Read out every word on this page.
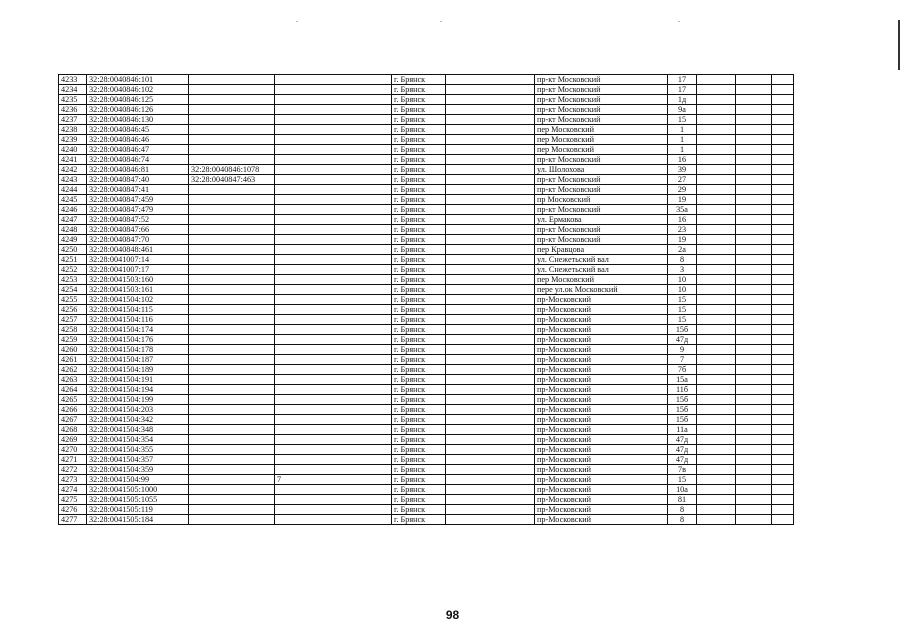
4233	32:28:0040846:101			г. Брянск		пр-кт Московский	17			
4234	32:28:0040846:102			г. Брянск		пр-кт Московский	17			
4235	32:28:0040846:125			г. Брянск		пр-кт Московский	1д			
4236	32:28:0040846:126			г. Брянск		пр-кт Московский	9а			
4237	32:28:0040846:130			г. Брянск		пр-кт Московский	15			
4238	32:28:0040846:45			г. Брянск		пер Московский	1			
4239	32:28:0040846:46			г. Брянск		пер Московский	1			
4240	32:28:0040846:47			г. Брянск		пер Московский	1			
4241	32:28:0040846:74			г. Брянск		пр-кт Московский	16			
4242	32:28:0040846:81	32:28:0040846:1078		г. Брянск		ул. Шолохова	39			
4243	32:28:0040847:40	32:28:0040847:463		г. Брянск		пр-кт Московский	27			
4244	32:28:0040847:41			г. Брянск		пр-кт Московский	29			
4245	32:28:0040847:459			г. Брянск		пр Московский	19			
4246	32:28:0040847:479			г. Брянск		пр-кт Московский	35а			
4247	32:28:0040847:52			г. Брянск		ул. Ермакова	16			
4248	32:28:0040847:66			г. Брянск		пр-кт Московский	23			
4249	32:28:0040847:70			г. Брянск		пр-кт Московский	19			
4250	32:28:0040848:461			г. Брянск		пер Кравцова	2а			
4251	32:28:0041007:14			г. Брянск		ул. Снежетьский вал	8			
4252	32:28:0041007:17			г. Брянск		ул. Снежетьский вал	3			
4253	32:28:0041503:160			г. Брянск		пер Московский	10			
4254	32:28:0041503:161			г. Брянск		пере ул.ок Московский	10			
4255	32:28:0041504:102			г. Брянск		пр-Московский	15			
4256	32:28:0041504:115			г. Брянск		пр-Московский	15			
4257	32:28:0041504:116			г. Брянск		пр-Московский	15			
4258	32:28:0041504:174			г. Брянск		пр-Московский	15б			
4259	32:28:0041504:176			г. Брянск		пр-Московский	47д			
4260	32:28:0041504:178			г. Брянск		пр-Московский	9			
4261	32:28:0041504:187			г. Брянск		пр-Московский	7			
4262	32:28:0041504:189			г. Брянск		пр-Московский	7б			
4263	32:28:0041504:191			г. Брянск		пр-Московский	15а			
4264	32:28:0041504:194			г. Брянск		пр-Московский	11б			
4265	32:28:0041504:199			г. Брянск		пр-Московский	15б			
4266	32:28:0041504:203			г. Брянск		пр-Московский	15б			
4267	32:28:0041504:342			г. Брянск		пр-Московский	15б			
4268	32:28:0041504:348			г. Брянск		пр-Московский	11а			
4269	32:28:0041504:354			г. Брянск		пр-Московский	47д			
4270	32:28:0041504:355			г. Брянск		пр-Московский	47д			
4271	32:28:0041504:357			г. Брянск		пр-Московский	47д			
4272	32:28:0041504:359			г. Брянск		пр-Московский	7в			
4273	32:28:0041504:99		7	г. Брянск		пр-Московский	15			
4274	32:28:0041505:1000			г. Брянск		пр-Московский	10а			
4275	32:28:0041505:1055			г. Брянск		пр-Московский	81			
4276	32:28:0041505:119			г. Брянск		пр-Московский	8			
4277	32:28:0041505:184			г. Брянск		пр-Московский	8			
98
